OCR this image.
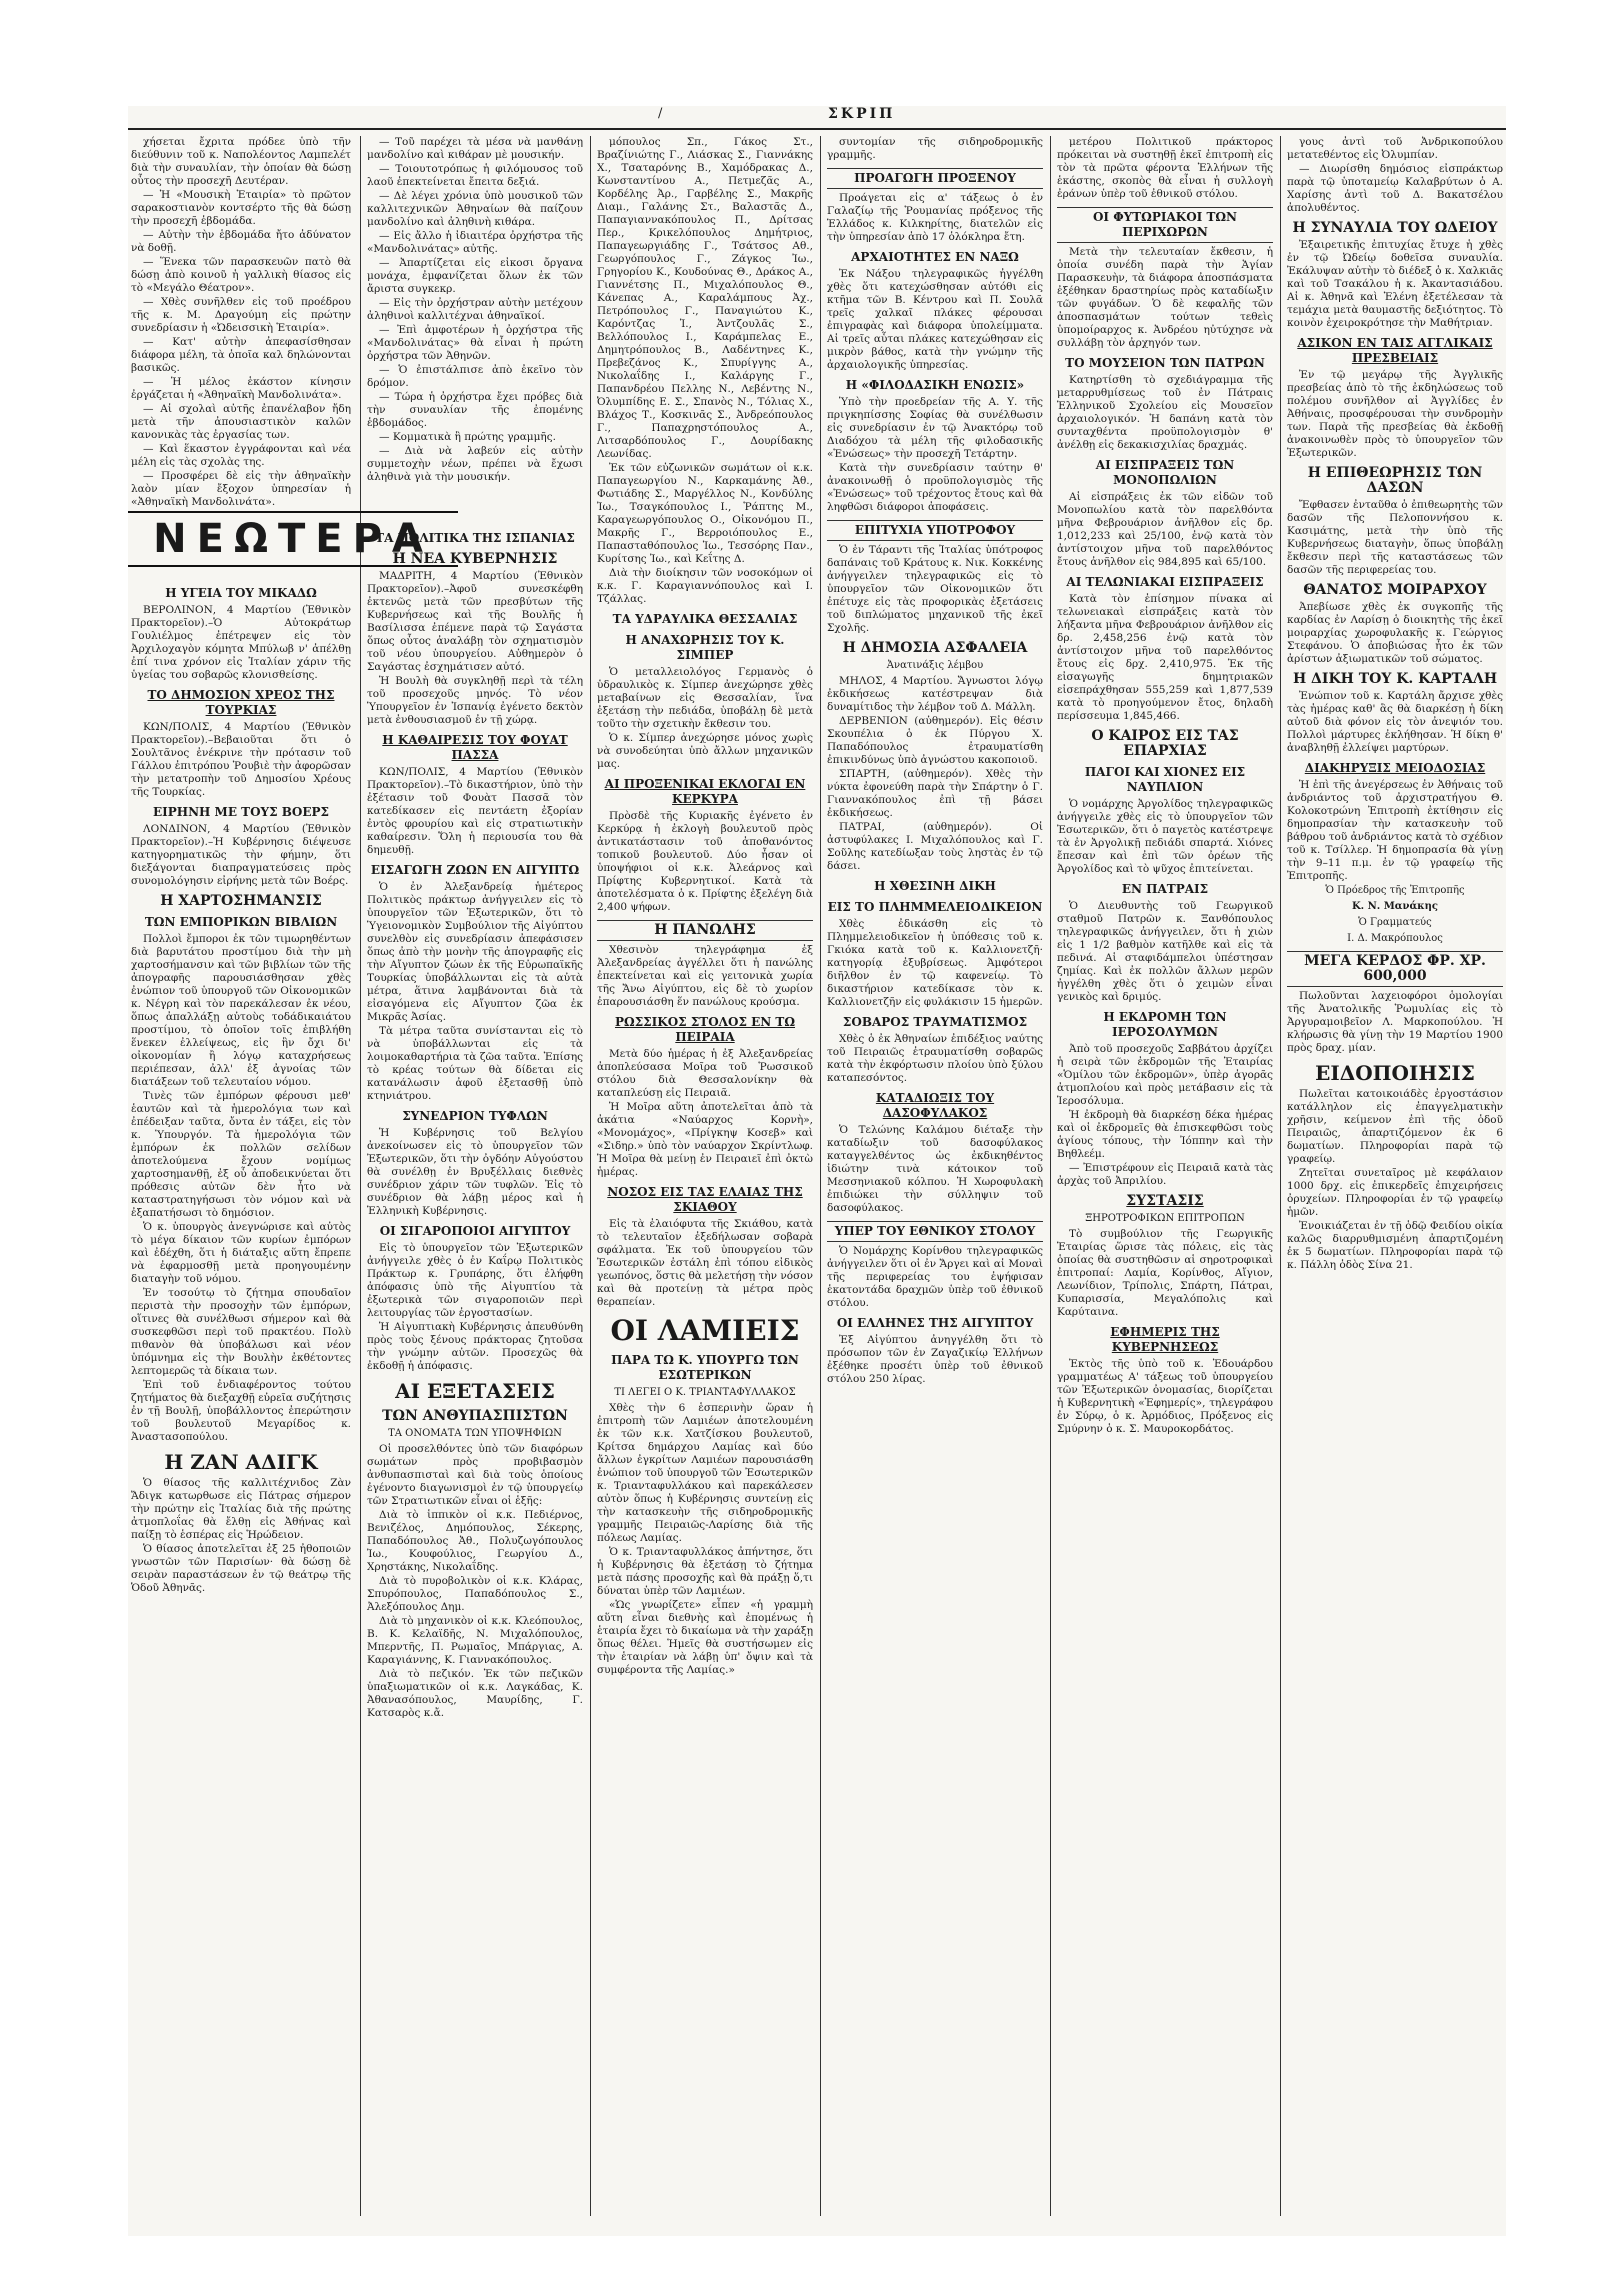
/	ΣΚΡΙΠ

χήσεται ἔχριτα πρόδεε ὑπὸ τῆν διεύθυνιν τοῦ κ. Ναπολέοντος Λαμπελέτ διὰ τὴν συναυλίαν, τὴν ὁποίαν θὰ δώσῃ οὗτος τὴν προσεχῆ Δευτέραν.

— Ἡ «Μουσικὴ Ἑταιρία» τὸ πρῶτον σαρακοστιανὸν κοντσέρτο τῆς θὰ δώσῃ τὴν προσεχῆ ἑβδομάδα.

— Αὐτὴν τὴν ἑβδομάδα ἤτο ἀδύνατον νὰ δοθῇ.

— Ἕνεκα τῶν παρασκευῶν πατὸ θὰ δώσῃ ἀπὸ κοινοῦ ἡ γαλλικὴ θίασος εἰς τὸ «Μεγάλο Θέατρον».

— Χθὲς συνῆλθεν εἰς τοῦ προέδρου τῆς κ. Μ. Δραγούμη εἰς πρώτην συνεδρίασιν ἡ «Ὠδεισσικὴ Ἑταιρία».

— Κατ' αὐτὴν ἀπεφασίσθησαν διάφορα μέλη, τὰ ὁποῖα καλ δηλώνονται βασικῶς.

— Ἡ μέλος ἑκάστον κίνησιν ἐργάζεται ἡ «Ἀθηναϊκὴ Μανδολινάτα».

— Αἱ σχολαὶ αὐτῆς ἐπανέλαβον ἤδη μετὰ τῆν ἀπουσιαστικὸν καλῶν κανονικὰς τὰς ἐργασίας των.

— Καὶ ἕκαστον ἐγγράφονται καὶ νέα μέλη εἰς τὰς σχολὰς της.

— Προσφέρει δὲ εἰς τὴν ἀθηναϊκὴν λαὸν μίαν ἔξοχον ὑπηρεσίαν ἡ «Ἀθηναϊκὴ Μανδολινάτα».

Η ΥΓΕΙΑ ΤΟΥ ΜΙΚΑΔΩ

ΒΕΡΟΛΙΝΟΝ, 4 Μαρτίου (Ἐθνικὸν Πρακτορεῖον).–Ὁ Αὐτοκράτωρ Γουλιέλμος ἐπέτρεψεν εἰς τὸν Ἀρχιλοχαγὸν κόμητα Μπύλωβ ν' ἀπέλθῃ ἐπί τινα χρόνον εἰς Ἰταλίαν χάριν τῆς ὑγείας του σοβαρῶς κλονισθείσης.

ΤΟ ΔΗΜΟΣΙΟΝ ΧΡΕΟΣ ΤΗΣ ΤΟΥΡΚΙΑΣ

ΚΩΝ/ΠΟΛΙΣ, 4 Μαρτίου (Ἐθνικὸν Πρακτορεῖον).–Βεβαιοῦται ὅτι ὁ Σουλτᾶνος ἐνέκρινε τὴν πρότασιν τοῦ Γάλλου ἐπιτρόπου Ῥουβιὲ τὴν ἀφορῶσαν τὴν μετατροπὴν τοῦ Δημοσίου Χρέους τῆς Τουρκίας.

ΕΙΡΗΝΗ ΜΕ ΤΟΥΣ ΒΟΕΡΣ

ΛΟΝΔΙΝΟΝ, 4 Μαρτίου (Ἐθνικὸν Πρακτορεῖον).–Ἡ Κυβέρνησις διέψευσε κατηγορηματικῶς τὴν φήμην, ὅτι διεξάγονται διαπραγματεύσεις πρὸς συνομολόγησιν εἰρήνης μετὰ τῶν Βοέρς.

Η ΧΑΡΤΟΣΗΜΑΝΣΙΣ
ΤΩΝ ΕΜΠΟΡΙΚΩΝ ΒΙΒΛΙΩΝ

Πολλοὶ ἔμποροι ἐκ τῶν τιμωρηθέντων διὰ βαρυτάτου προστίμου διὰ τὴν μὴ χαρτοσήμανσιν καὶ τῶν βιβλίων τῶν τῆς ἀπογραφῆς παρουσιάσθησαν χθὲς ἐνώπιον τοῦ ὑπουργοῦ τῶν Οἰκονομικῶν κ. Νέγρη καὶ τὸν παρεκάλεσαν ἐκ νέου, ὅπως ἀπαλλάξῃ αὐτοὺς τοδάδικαιάτου προστίμου, τὸ ὁποῖον τοῖς ἐπιβλήθη ἕνεκεν ἐλλείψεως, εἰς ἣν ὄχι δι' οἰκονομίαν ἢ λόγῳ καταχρήσεως περιέπεσαν, ἀλλ' ἐξ ἀγνοίας τῶν διατάξεων τοῦ τελευταίου νόμου.

Τινὲς τῶν ἐμπόρων φέρουσι μεθ' ἑαυτῶν καὶ τὰ ἡμερολόγια των καὶ ἐπέδειξαν ταῦτα, ὄντα ἐν τάξει, εἰς τὸν κ. Ὑπουργόν. Τὰ ἡμερολόγια τῶν ἐμπόρων ἐκ πολλῶν σελίδων ἀποτελούμενα ἔχουν νομίμως χαρτοσημανθῇ, ἐξ οὗ ἀποδεικνύεται ὅτι πρόθεσις αὐτῶν δὲν ἦτο νὰ καταστρατηγήσωσι τὸν νόμον καὶ νὰ ἐξαπατήσωσι τὸ δημόσιον.

Ὁ κ. ὑπουργὸς ἀνεγνώρισε καὶ αὐτὸς τὸ μέγα δίκαιον τῶν κυρίων ἐμπόρων καὶ ἐδέχθη, ὅτι ἡ διάταξις αὕτη ἔπρεπε νὰ ἐφαρμοσθῇ μετὰ προηγουμένην διαταγὴν τοῦ νόμου.

Ἐν τοσούτῳ τὸ ζήτημα σπουδαῖον περιστὰ τὴν προσοχὴν τῶν ἐμπόρων, οἵτινες θὰ συνέλθωσι σήμερον καὶ θὰ συσκεφθῶσι περὶ τοῦ πρακτέου. Πολὺ πιθανὸν θὰ ὑποβάλωσι καὶ νέον ὑπόμνημα εἰς τὴν Βουλὴν ἐκθέτοντες λεπτομερῶς τὰ δίκαια των.

Ἐπὶ τοῦ ἐνδιαφέροντος τούτου ζητήματος θὰ διεξαχθῇ εὐρεῖα συζήτησις ἐν τῇ Βουλῇ, ὑποβάλλοντος ἐπερώτησιν τοῦ βουλευτοῦ Μεγαρίδος κ. Ἀναστασοπούλου.

Η ΖΑΝ ΑΔΙΓΚ

Ὁ θίασος τῆς καλλιτέχνιδος Ζὰν Ἄδιγκ κατωρθωσε εἰς Πάτρας σήμερον τὴν πρώτην εἰς Ἰταλίας διὰ τῆς πρώτης ἀτμοπλοΐας θὰ ἔλθῃ εἰς Ἀθήνας καὶ παίξῃ τὸ ἑσπέρας εἰς Ἡρώδειον.

Ὁ θίασος ἀποτελεῖται ἐξ 25 ἠθοποιῶν γνωστῶν τῶν Παρισίων· θὰ δώσῃ δὲ σειρὰν παραστάσεων ἐν τῷ θεάτρῳ τῆς Ὁδοῦ Ἀθηνᾶς.

— Τοῦ παρέχει τὰ μέσα νὰ μανθάνῃ μανδολίνο καὶ κιθάραν μὲ μουσικήν.

— Τοιουτοτρόπως ἡ φιλόμουσος τοῦ λαοῦ ἐπεκτείνεται ἔπειτα δεξιά.

— Δὲ λέγει χρόνια ὑπὸ μουσικοῦ τῶν καλλιτεχνικῶν Ἀθηναίων θὰ παίζουν μανδολίνο καὶ ἀληθινὴ κιθάρα.

— Εἰς ἄλλο ἡ ἰδιαιτέρα ὀρχήστρα τῆς «Μανδολινάτας» αὐτῆς.

— Ἀπαρτίζεται εἰς εἰκοσι ὄργανα μονάχα, ἐμφανίζεται ὅλων ἐκ τῶν ἄριστα συγκεκρ.

— Εἰς τὴν ὀρχήστραν αὐτὴν μετέχουν ἀληθινοὶ καλλιτέχναι ἀθηναϊκοί.

— Ἐπὶ ἀμφοτέρων ἡ ὀρχήστρα τῆς «Μανδολινάτας» θὰ εἶναι ἡ πρώτη ὀρχήστρα τῶν Ἀθηνῶν.

— Ὁ ἐπιστάλπισε ἀπὸ ἐκεῖνο τὸν δρόμον.

— Τώρα ἡ ὀρχήστρα ἔχει πρόβες διὰ τὴν συναυλίαν τῆς ἐπομένης ἑβδομάδος.

— Κομματικὰ ἢ πρώτης γραμμῆς.

— Διὰ νὰ λαβεύν εἰς αὐτὴν συμμετοχὴν νέων, πρέπει νὰ ἔχωσι ἀληθινὰ γιὰ τὴν μουσικήν.

ΤΑ ΠΟΛΙΤΙΚΑ ΤΗΣ ΙΣΠΑΝΙΑΣ
Η ΝΕΑ ΚΥΒΕΡΝΗΣΙΣ

ΜΑΔΡΙΤΗ, 4 Μαρτίου (Ἐθνικὸν Πρακτορεῖον).–Ἀφοῦ συνεσκέφθη ἐκτενῶς μετὰ τῶν πρεσβύτων τῆς Κυβερνήσεως καὶ τῆς Βουλῆς ἡ Βασίλισσα ἐπέμενε παρὰ τῷ Σαγάστα ὅπως οὗτος ἀναλάβῃ τὸν σχηματισμὸν τοῦ νέου ὑπουργείου. Αὐθημερὸν ὁ Σαγάστας ἐσχημάτισεν αὐτό.

Ἡ Βουλὴ θὰ συγκληθῇ περὶ τὰ τέλη τοῦ προσεχοῦς μηνός. Τὸ νέον Ὑπουργεῖον ἐν Ἰσπανίᾳ ἐγένετο δεκτὸν μετὰ ἐνθουσιασμοῦ ἐν τῇ χώρᾳ.

Η ΚΑΘΑΙΡΕΣΙΣ ΤΟΥ ΦΟΥΑΤ ΠΑΣΣΑ

ΚΩΝ/ΠΟΛΙΣ, 4 Μαρτίου (Ἐθνικὸν Πρακτορεῖον).–Τὸ δικαστήριον, ὑπὸ τὴν ἐξέτασιν τοῦ Φουὰτ Πασσᾶ τὸν κατεδίκασεν εἰς πεντάετη ἐξορίαν ἐντὸς φρουρίου καὶ εἰς στρατιωτικὴν καθαίρεσιν. Ὅλη ἡ περιουσία του θὰ δημευθῇ.

ΕΙΣΑΓΩΓΗ ΖΩΩΝ ΕΝ ΑΙΓΥΠΤΩ

Ὁ ἐν Ἀλεξανδρείᾳ ἡμέτερος Πολιτικὸς πράκτωρ ἀνήγγειλεν εἰς τὸ ὑπουργεῖον τῶν Ἐξωτερικῶν, ὅτι τὸ Ὑγειονομικὸν Συμβούλιον τῆς Αἰγύπτου συνελθὸν εἰς συνεδρίασιν ἀπεφάσισεν ὅπως ἀπὸ τὴν μονὴν τῆς ἀπογραφῆς εἰς τὴν Αἴγυπτον ζώων ἐκ τῆς Εὐρωπαϊκῆς Τουρκίας ὑποβάλλωνται εἰς τὰ αὐτὰ μέτρα, ἅτινα λαμβάνονται διὰ τὰ εἰσαγόμενα εἰς Αἴγυπτον ζῶα ἐκ Μικρᾶς Ἀσίας.

Τὰ μέτρα ταῦτα συνίστανται εἰς τὸ νὰ ὑποβάλλωνται εἰς τὰ λοιμοκαθαρτήρια τὰ ζῶα ταῦτα. Ἐπίσης τὸ κρέας τούτων θὰ δίδεται εἰς κατανάλωσιν ἀφοῦ ἐξετασθῇ ὑπὸ κτηνιάτρου.

ΣΥΝΕΔΡΙΟΝ ΤΥΦΛΩΝ

Ἡ Κυβέρνησις τοῦ Βελγίου ἀνεκοίνωσεν εἰς τὸ ὑπουργεῖον τῶν Ἐξωτερικῶν, ὅτι τὴν ὀγδόην Αὐγούστου θὰ συνέλθῃ ἐν Βρυξέλλαις διεθνὲς συνέδριον χάριν τῶν τυφλῶν. Ἐἰς τὸ συνέδριον θὰ λάβῃ μέρος καὶ ἡ Ἑλληνικὴ Κυβέρνησις.

ΟΙ ΣΙΓΑΡΟΠΟΙΟΙ ΑΙΓΥΠΤΟΥ

Εἰς τὸ ὑπουργεῖον τῶν Ἐξωτερικῶν ἀνήγγειλε χθὲς ὁ ἐν Καΐρῳ Πολιτικὸς Πράκτωρ κ. Γρυπάρης, ὅτι ἐλήφθη ἀπόφασις ὑπὸ τῆς Αἰγυπτίου τὰ ἐξωτερικὰ τῶν σιγαροποιῶν περὶ λειτουργίας τῶν ἐργοστασίων.

Ἡ Αἰγυπτιακὴ Κυβέρνησις ἀπευθύνθη πρὸς τοὺς ξένους πράκτορας ζητοῦσα τὴν γνώμην αὐτῶν. Προσεχῶς θὰ ἐκδοθῇ ἡ ἀπόφασις.

ΑΙ ΕΞΕΤΑΣΕΙΣ
ΤΩΝ ΑΝΘΥΠΑΣΠΙΣΤΩΝ
ΤΑ ΟΝΟΜΑΤΑ ΤΩΝ ΥΠΟΨΗΦΙΩΝ

Οἱ προσελθόντες ὑπὸ τῶν διαφόρων σωμάτων πρὸς προβιβασμὸν ἀνθυπασπισταὶ καὶ διὰ τοὺς ὁποίους ἐγένοντο διαγωνισμοὶ ἐν τῷ ὑπουργείῳ τῶν Στρατιωτικῶν εἶναι οἱ ἑξῆς:

Διὰ τὸ ἱππικὸν οἱ κ.κ. Πεδιέρνος, Βενιζέλος, Δημόπουλος, Σέκερης, Παπαδόπουλος Ἀθ., Πολυζωγόπουλος Ἰω., Κουφούλιος, Γεωργίου Δ., Χρηστάκης, Νικολαΐδης.

Διὰ τὸ πυροβολικὸν οἱ κ.κ. Κλάρας, Σπυρόπουλος, Παπαδόπουλος Σ., Ἀλεξόπουλος Δημ.

Διὰ τὸ μηχανικὸν οἱ κ.κ. Κλεόπουλος, Β. Κ. Κελαϊδῆς, Ν. Μιχαλόπουλος, Μπερντῆς, Π. Ρωμαῖος, Μπάργιας, Α. Καραγιάννης, Κ. Γιαννακόπουλος.

Διὰ τὸ πεζικόν. Ἐκ τῶν πεζικῶν ὑπαξιωματικῶν οἱ κ.κ. Λαγκάδας, Κ. Ἀθανασόπουλος, Μαυρίδης, Γ. Κατσαρὸς κ.ἄ.

ΝΕΩΤΕΡΑ

μόπουλος Σπ., Γάκος Στ., Βραζίνιώτης Γ., Λιάσκας Σ., Γιαννάκης Χ., Τσαταρόνης Β., Χαμόδρακας Δ., Κωνσταντίνου Α., Πετμεζᾶς Α., Κορδέλης Ἀρ., Γαρβέλης Σ., Μακρῆς Διαμ., Γαλάνης Στ., Βαλαστᾶς Δ., Παπαγιαννακόπουλος Π., Δρίτσας Περ., Κρικελόπουλος Δημήτριος, Παπαγεωργιάδης Γ., Τσάτσος Αθ., Γεωργόπουλος Γ., Ζάγκος Ἰω., Γρηγορίου Κ., Κουδούνας Θ., Δράκος Α., Γιαννέτσης Π., Μιχαλόπουλος Θ., Κάνεπας Α., Καραλάμπους Ἀχ., Πετρόπουλος Γ., Παναγιώτου Κ., Καρόντζας Ἰ., Ἀντζουλᾶς Σ., Βελλόπουλος Ι., Καράμπελας Ε., Δημητρόπουλος Β., Λαδέντηνες Κ., Πρεβεζάνος Κ., Σπυρίγγης Α., Νικολαΐδης Ι., Καλάργης Γ., Παπανδρέου Πελλης Ν., Λεβέντης Ν., Ὀλυμπίδης Ε. Σ., Σπανὸς Ν., Τόλιας Χ., Βλάχος Τ., Κοσκινᾶς Σ., Ἀνδρεόπουλος Γ., Παπαχρηστόπουλος Α., Λιτσαρδόπουλος Γ., Δουρίδακης Λεωνίδας.

Ἐκ τῶν εὐζωνικῶν σωμάτων οἱ κ.κ. Παπαγεωργίου Ν., Καρκαμάνης Ἀθ., Φωτιάδης Σ., Μαργέλλος Ν., Κονδύλης Ἰω., Τσαγκόπουλος Ι., Ῥάπτης Μ., Καραγεωργόπουλος Ο., Οἰκονόμου Π., Μακρῆς Γ., Βερροιόπουλος Ε., Παπασταθόπουλος Ἰω., Τεσσόρης Παν., Κυρίτσης Ἰω., καὶ Κεΐτης Δ.

Διὰ τὴν διοίκησιν τῶν νοσοκόμων οἱ κ.κ. Γ. Καραγιαννόπουλος καὶ Ι. Τζάλλας.

ΤΑ ΥΔΡΑΥΛΙΚΑ ΘΕΣΣΑΛΙΑΣ
Η ΑΝΑΧΩΡΗΣΙΣ ΤΟΥ Κ. ΣΙΜΠΕΡ

Ὁ μεταλλειολόγος Γερμανὸς ὁ ὑδραυλικὸς κ. Σίμπερ ἀνεχώρησε χθὲς μεταβαίνων εἰς Θεσσαλίαν, ἵνα ἐξετάσῃ τὴν πεδιάδα, ὑποβάλῃ δὲ μετὰ τοῦτο τὴν σχετικὴν ἔκθεσιν του.

Ὁ κ. Σίμπερ ἀνεχώρησε μόνος χωρὶς νὰ συνοδεύηται ὑπὸ ἄλλων μηχανικῶν μας.

ΑΙ ΠΡΟΞΕΝΙΚΑΙ ΕΚΛΟΓΑΙ ΕΝ ΚΕΡΚΥΡΑ

Πρὸσδὲ τῆς Κυριακῆς ἐγένετο ἐν Κερκύρᾳ ἡ ἐκλογὴ βουλευτοῦ πρὸς ἀντικατάστασιν τοῦ ἀποθανόντος τοπικοῦ βουλευτοῦ. Δύο ἦσαν οἱ ὑποψήφιοι οἱ κ.κ. Ἀλεάρνος καὶ Πρίφτης Κυβερνητικοί. Κατὰ τὰ ἀποτελέσματα ὁ κ. Πρίφτης ἐξελέγη διὰ 2,400 ψήφων.

Η ΠΑΝΩΛΗΣ

Χθεσινὸν τηλεγράφημα ἐξ Ἀλεξανδρείας ἀγγέλλει ὅτι ἡ πανώλης ἐπεκτείνεται καὶ εἰς γειτονικὰ χωρία τῆς Ἄνω Αἰγύπτου, εἰς δὲ τὸ χωρίον ἐπαρουσιάσθη ἕν πανώλους κρούσμα.

ΡΩΣΣΙΚΟΣ ΣΤΟΛΟΣ ΕΝ ΤΩ ΠΕΙΡΑΙΑ

Μετὰ δύο ἡμέρας ἡ ἐξ Ἀλεξανδρείας ἀποπλεύσασα Μοῖρα τοῦ Ῥωσσικοῦ στόλου διὰ Θεσσαλονίκην θὰ καταπλεύσῃ εἰς Πειραιᾶ.

Ἡ Μοῖρα αὕτη ἀποτελεῖται ἀπὸ τὰ ἀκάτια «Ναύαρχος Κορνὴ», «Μονομάχος», «Πρίγκηψ Κοσεβ» καὶ «Σιδηρ.» ὑπὸ τὸν ναύαρχον Σκρίντλωφ. Ἡ Μοῖρα θὰ μείνῃ ἐν Πειραιεῖ ἐπὶ ὀκτὼ ἡμέρας.

ΝΟΣΟΣ ΕΙΣ ΤΑΣ ΕΛΑΙΑΣ ΤΗΣ ΣΚΙΑΘΟΥ

Εἰς τὰ ἐλαιόφυτα τῆς Σκιάθου, κατὰ τὸ τελευταῖον ἐξεδήλωσαν σοβαρὰ σφάλματα. Ἐκ τοῦ ὑπουργείου τῶν Ἐσωτερικῶν ἐστάλη ἐπὶ τόπου εἰδικὸς γεωπόνος, ὅστις θὰ μελετήσῃ τὴν νόσον καὶ θὰ προτείνῃ τὰ μέτρα πρὸς θεραπείαν.

ΟΙ ΛΑΜΙΕΙΣ
ΠΑΡΑ ΤΩ Κ. ΥΠΟΥΡΓΩ ΤΩΝ ΕΣΩΤΕΡΙΚΩΝ
ΤΙ ΛΕΓΕΙ Ο Κ. ΤΡΙΑΝΤΑΦΥΛΛΑΚΟΣ

Χθὲς τὴν 6 ἑσπερινὴν ὥραν ἡ ἐπιτροπὴ τῶν Λαμιέων ἀποτελουμένη ἐκ τῶν κ.κ. Χατζίσκου βουλευτοῦ, Κρίτσα δημάρχου Λαμίας καὶ δύο ἄλλων ἐγκρίτων Λαμιέων παρουσιάσθη ἐνώπιον τοῦ ὑπουργοῦ τῶν Ἐσωτερικῶν κ. Τριανταφυλλάκου καὶ παρεκάλεσεν αὐτὸν ὅπως ἡ Κυβέρνησις συντείνῃ εἰς τὴν κατασκευὴν τῆς σιδηροδρομικῆς γραμμῆς Πειραιῶς-Λαρίσης διὰ τῆς πόλεως Λαμίας.

Ὁ κ. Τριανταφυλλάκος ἀπήντησε, ὅτι ἡ Κυβέρνησις θὰ ἐξετάσῃ τὸ ζήτημα μετὰ πάσης προσοχῆς καὶ θὰ πράξῃ ὅ,τι δύναται ὑπὲρ τῶν Λαμιέων.

«Ὡς γνωρίζετε» εἶπεν «ἡ γραμμὴ αὕτη εἶναι διεθνὴς καὶ ἐπομένως ἡ ἑταιρία ἔχει τὸ δικαίωμα νὰ τὴν χαράξῃ ὅπως θέλει. Ἡμεῖς θὰ συστήσωμεν εἰς τὴν ἑταιρίαν νὰ λάβῃ ὑπ' ὄψιν καὶ τὰ συμφέροντα τῆς Λαμίας.»

συντομίαν τῆς σιδηροδρομικῆς γραμμῆς.

ΠΡΟΑΓΩΓΗ ΠΡΟΞΕΝΟΥ

Προάγεται εἰς α' τάξεως ὁ ἐν Γαλαζίῳ τῆς Ῥουμανίας πρόξενος τῆς Ἑλλάδος κ. Κιλκηρίτης, διατελῶν εἰς τὴν ὑπηρεσίαν ἀπὸ 17 ὁλόκληρα ἔτη.

ΑΡΧΑΙΟΤΗΤΕΣ ΕΝ ΝΑΞΩ

Ἐκ Νάξου τηλεγραφικῶς ἠγγέλθη χθὲς ὅτι κατεχώσθησαν αὐτόθι εἰς κτῆμα τῶν Β. Κέντρου καὶ Π. Σουλᾶ τρεῖς χαλκαῖ πλάκες φέρουσαι ἐπιγραφὰς καὶ διάφορα ὑπολείμματα. Αἱ τρεῖς αὗται πλάκες κατεχώθησαν εἰς μικρὸν βάθος, κατὰ τὴν γνώμην τῆς ἀρχαιολογικῆς ὑπηρεσίας.

Η «ΦΙΛΟΔΑΣΙΚΗ ΕΝΩΣΙΣ»

Ὑπὸ τὴν προεδρείαν τῆς Α. Υ. τῆς πριγκηπίσσης Σοφίας θὰ συνέλθωσιν εἰς συνεδρίασιν ἐν τῷ Ἀνακτόρῳ τοῦ Διαδόχου τὰ μέλη τῆς φιλοδασικῆς «Ἑνώσεως» τὴν προσεχῆ Τετάρτην.

Κατὰ τὴν συνεδρίασιν ταύτην θ' ἀνακοινωθῇ ὁ προϋπολογισμὸς τῆς «Ἑνώσεως» τοῦ τρέχοντος ἔτους καὶ θὰ ληφθῶσι διάφοροι ἀποφάσεις.

ΕΠΙΤΥΧΙΑ ΥΠΟΤΡΟΦΟΥ

Ὁ ἐν Τάραντι τῆς Ἰταλίας ὑπότροφος δαπάναις τοῦ Κράτους κ. Νικ. Κοκκένης ἀνήγγειλεν τηλεγραφικῶς εἰς τὸ ὑπουργεῖον τῶν Οἰκονομικῶν ὅτι ἐπέτυχε εἰς τὰς προφορικὰς ἐξετάσεις τοῦ διπλώματος μηχανικοῦ τῆς ἐκεῖ Σχολῆς.

Η ΔΗΜΟΣΙΑ ΑΣΦΑΛΕΙΑ
Ἀνατινάξις λέμβου

ΜΗΛΟΣ, 4 Μαρτίου. Ἄγνωστοι λόγῳ ἐκδικήσεως κατέστρεψαν διὰ δυναμίτιδος τὴν λέμβον τοῦ Δ. Μάλλη.

ΔΕΡΒΕΝΙΟΝ (αὐθημερόν). Εἰς θέσιν Σκουπέλια ὁ ἐκ Πύργου Χ. Παπαδόπουλος ἐτραυματίσθη ἐπικινδύνως ὑπὸ ἀγνώστου κακοποιοῦ.

ΣΠΑΡΤΗ, (αὐθημερόν). Χθὲς τὴν νύκτα ἐφονεύθη παρὰ τὴν Σπάρτην ὁ Γ. Γιαννακόπουλος ἐπὶ τῇ βάσει ἐκδικήσεως.

ΠΑΤΡΑΙ, (αὐθημερόν). Οἱ ἀστυφύλακες Ι. Μιχαλόπουλος καὶ Γ. Σοῦλης κατεδίωξαν τοὺς ληστὰς ἐν τῷ δάσει.

Η ΧΘΕΣΙΝΗ ΔΙΚΗ
ΕΙΣ ΤΟ ΠΛΗΜΜΕΛΕΙΟΔΙΚΕΙΟΝ

Χθὲς ἐδικάσθη εἰς τὸ Πλημμελειοδικεῖον ἡ ὑπόθεσις τοῦ κ. Γκιόκα κατὰ τοῦ κ. Καλλιονετζῆ· κατηγορίᾳ ἐξυβρίσεως. Ἀμφότεροι διῆλθον ἐν τῷ καφενείῳ. Τὸ δικαστήριον κατεδίκασε τὸν κ. Καλλιονετζῆν εἰς φυλάκισιν 15 ἡμερῶν.

ΣΟΒΑΡΟΣ ΤΡΑΥΜΑΤΙΣΜΟΣ

Χθὲς ὁ ἐκ Ἀθηναίων ἐπιδέξιος ναύτης τοῦ Πειραιῶς ἐτραυματίσθη σοβαρῶς κατὰ τὴν ἐκφόρτωσιν πλοίου ὑπὸ ξύλου καταπεσόντος.

ΚΑΤΑΔΙΩΞΙΣ ΤΟΥ ΔΑΣΟΦΥΛΑΚΟΣ

Ὁ Τελώνης Καλάμου διέταξε τὴν καταδίωξιν τοῦ δασοφύλακος καταγγελθέντος ὡς ἐκδικηθέντος ἰδιώτην τινὰ κάτοικον τοῦ Μεσσηνιακοῦ κόλπου. Ἡ Χωροφυλακὴ ἐπιδιώκει τὴν σύλληψιν τοῦ δασοφύλακος.

ΥΠΕΡ ΤΟΥ ΕΘΝΙΚΟΥ ΣΤΟΛΟΥ

Ὁ Νομάρχης Κορίνθου τηλεγραφικῶς ἀνήγγειλεν ὅτι οἱ ἐν Ἄργει καὶ αἱ Μοναὶ τῆς περιφερείας του ἐψήφισαν ἑκατοντάδα δραχμῶν ὑπὲρ τοῦ ἐθνικοῦ στόλου.

ΟΙ ΕΛΛΗΝΕΣ ΤΗΣ ΑΙΓΥΠΤΟΥ

Ἐξ Αἰγύπτου ἀνηγγέλθη ὅτι τὸ πρόσωπον τῶν ἐν Ζαγαζικίῳ Ἑλλήνων ἐξέθηκε προσέτι ὑπὲρ τοῦ ἐθνικοῦ στόλου 250 λίρας.

μετέρου Πολιτικοῦ πράκτορος πρόκειται νὰ συστηθῇ ἐκεῖ ἐπιτροπὴ εἰς τὸν τὰ πρῶτα φέροντα Ἑλλήνων τῆς ἑκάστης, σκοπὸς θὰ εἶναι ἡ συλλογὴ ἐράνων ὑπὲρ τοῦ ἐθνικοῦ στόλου.

ΟΙ ΦΥΤΩΡΙΑΚΟΙ ΤΩΝ ΠΕΡΙΧΩΡΩΝ

Μετὰ τὴν τελευταίαν ἔκθεσιν, ἡ ὁποία συνέδη παρὰ τὴν Ἁγίαν Παρασκευὴν, τὰ διάφορα ἀποσπάσματα ἐξέθηκαν δραστηρίως πρὸς καταδίωξιν τῶν φυγάδων. Ὁ δὲ κεφαλῆς τῶν ἀποσπασμάτων τούτων τεθεὶς ὑπομοίραρχος κ. Ἀνδρέου ηὐτύχησε νὰ συλλάβῃ τὸν ἀρχηγόν των.

ΤΟ ΜΟΥΣΕΙΟΝ ΤΩΝ ΠΑΤΡΩΝ

Κατηρτίσθη τὸ σχεδιάγραμμα τῆς μεταρρυθμίσεως τοῦ ἐν Πάτραις Ἑλληνικοῦ Σχολείου εἰς Μουσεῖον ἀρχαιολογικόν. Ἡ δαπάνη κατὰ τὸν συνταχθέντα προϋπολογισμὸν θ' ἀνέλθῃ εἰς δεκακισχιλίας δραχμάς.

ΑΙ ΕΙΣΠΡΑΞΕΙΣ ΤΩΝ ΜΟΝΟΠΩΛΙΩΝ

Αἱ εἰσπράξεις ἐκ τῶν εἰδῶν τοῦ Μονοπωλίου κατὰ τὸν παρελθόντα μῆνα Φεβρουάριον ἀνῆλθον εἰς δρ. 1,012,233 καὶ 25/100, ἐνῷ κατὰ τὸν ἀντίστοιχον μῆνα τοῦ παρελθόντος ἔτους ἀνῆλθον εἰς 984,895 καὶ 65/100.

ΑΙ ΤΕΛΩΝΙΑΚΑΙ ΕΙΣΠΡΑΞΕΙΣ

Κατὰ τὸν ἐπίσημον πίνακα αἱ τελωνειακαὶ εἰσπράξεις κατὰ τὸν λήξαντα μῆνα Φεβρουάριον ἀνῆλθον εἰς δρ. 2,458,256 ἐνῷ κατὰ τὸν ἀντίστοιχον μῆνα τοῦ παρελθόντος ἔτους εἰς δρχ. 2,410,975. Ἐκ τῆς εἰσαγωγῆς δημητριακῶν εἰσεπράχθησαν 555,259 καὶ 1,877,539 κατὰ τὸ προηγούμενον ἔτος, δηλαδὴ περίσσευμα 1,845,466.

Ο ΚΑΙΡΟΣ ΕΙΣ ΤΑΣ ΕΠΑΡΧΙΑΣ
ΠΑΓΟΙ ΚΑΙ ΧΙΟΝΕΣ ΕΙΣ ΝΑΥΠΛΙΟΝ

Ὁ νομάρχης Ἀργολίδος τηλεγραφικῶς ἀνήγγειλε χθὲς εἰς τὸ ὑπουργεῖον τῶν Ἐσωτερικῶν, ὅτι ὁ παγετὸς κατέστρεψε τὰ ἐν Ἀργολικῇ πεδιάδι σπαρτά. Χιόνες ἔπεσαν καὶ ἐπὶ τῶν ὀρέων τῆς Ἀργολίδος καὶ τὸ ψῦχος ἐπιτείνεται.

ΕΝ ΠΑΤΡΑΙΣ

Ὁ Διευθυντὴς τοῦ Γεωργικοῦ σταθμοῦ Πατρῶν κ. Ξανθόπουλος τηλεγραφικῶς ἀνήγγειλεν, ὅτι ἡ χιὼν εἰς 1 1/2 βαθμὸν κατῆλθε καὶ εἰς τὰ πεδινά. Αἱ σταφιδάμπελοι ὑπέστησαν ζημίας. Καὶ ἐκ πολλῶν ἄλλων μερῶν ἠγγέλθη χθὲς ὅτι ὁ χειμὼν εἶναι γενικὸς καὶ δριμύς.

Η ΕΚΔΡΟΜΗ ΤΩΝ ΙΕΡΟΣΟΛΥΜΩΝ

Ἀπὸ τοῦ προσεχοῦς Σαββάτου ἀρχίζει ἡ σειρὰ τῶν ἐκδρομῶν τῆς Ἑταιρίας «Ὁμίλου τῶν ἐκδρομῶν», ὑπὲρ ἀγορᾶς ἀτμοπλοίου καὶ πρὸς μετάβασιν εἰς τὰ Ἱεροσόλυμα.

Ἡ ἐκδρομὴ θὰ διαρκέσῃ δέκα ἡμέρας καὶ οἱ ἐκδρομεῖς θὰ ἐπισκεφθῶσι τοὺς ἁγίους τόπους, τὴν Ἰόππην καὶ τὴν Βηθλεέμ.

— Ἐπιστρέφουν εἰς Πειραιᾶ κατὰ τὰς ἀρχὰς τοῦ Ἀπριλίου.

ΣΥΣΤΑΣΙΣ
ΞΗΡΟΤΡΟΦΙΚΩΝ ΕΠΙΤΡΟΠΩΝ

Τὸ συμβούλιον τῆς Γεωργικῆς Ἑταιρίας ὥρισε τὰς πόλεις, εἰς τὰς ὁποίας θὰ συστηθῶσιν αἱ σηροτροφικαὶ ἐπιτροπαί: Λαμία, Κορίνθος, Αἴγιον, Λεωνίδιον, Τρίπολις, Σπάρτη, Πάτραι, Κυπαρισσία, Μεγαλόπολις καὶ Καρύταινα.

ΕΦΗΜΕΡΙΣ ΤΗΣ ΚΥΒΕΡΝΗΣΕΩΣ

Ἐκτὸς τῆς ὑπὸ τοῦ κ. Ἐδουάρδου γραμματέως Α' τάξεως τοῦ ὑπουργείου τῶν Ἐξωτερικῶν ὀνομασίας, διορίζεται ἡ Κυβερνητικὴ «Ἐφημερίς», τηλεγράφου ἐν Σύρῳ, ὁ κ. Ἀρμόδιος, Πρόξενος εἰς Σμύρνην ὁ κ. Σ. Μαυροκορδάτος.

γους ἀντὶ τοῦ Ἀνδρικοπούλου μετατεθέντος εἰς Ὀλυμπίαν.

— Διωρίσθη δημόσιος εἰσπράκτωρ παρὰ τῷ ὑποταμείῳ Καλαβρύτων ὁ Α. Χαρίσης ἀντὶ τοῦ Δ. Βακατσέλου ἀπολυθέντος.

Η ΣΥΝΑΥΛΙΑ ΤΟΥ ΩΔΕΙΟΥ

Ἐξαιρετικῆς ἐπιτυχίας ἔτυχε ἡ χθὲς ἐν τῷ Ὠδείῳ δοθεῖσα συναυλία. Ἐκάλυψαν αὐτὴν τὸ διέδεξ ὁ κ. Χαλκιᾶς καὶ τοῦ Τσακάλου ἡ κ. Ἀκαντασιάδου. Αἱ κ. Ἀθηνᾶ καὶ Ἑλένη ἐξετέλεσαν τὰ τεμάχια μετὰ θαυμαστῆς δεξιότητος. Τὸ κοινὸν ἐχειροκρότησε τὴν Μαθήτριαν.

ΑΣΙΚΟΝ ΕΝ ΤΑΙΣ ΑΓΓΛΙΚΑΙΣ ΠΡΕΣΒΕΙΑΙΣ

Ἐν τῷ μεγάρῳ τῆς Ἀγγλικῆς πρεσβείας ἀπὸ τὸ τῆς ἐκδηλώσεως τοῦ πολέμου συνῆλθον αἱ Ἀγγλίδες ἐν Ἀθήναις, προσφέρουσαι τὴν συνδρομὴν των. Παρὰ τῆς πρεσβείας θὰ ἐκδοθῇ ἀνακοινωθὲν πρὸς τὸ ὑπουργεῖον τῶν Ἐξωτερικῶν.

Η ΕΠΙΘΕΩΡΗΣΙΣ ΤΩΝ ΔΑΣΩΝ

Ἔφθασεν ἐνταῦθα ὁ ἐπιθεωρητὴς τῶν δασῶν τῆς Πελοποννήσου κ. Κασιμάτης, μετὰ τὴν ὑπὸ τῆς Κυβερνήσεως διαταγὴν, ὅπως ὑποβάλῃ ἔκθεσιν περὶ τῆς καταστάσεως τῶν δασῶν τῆς περιφερείας του.

ΘΑΝΑΤΟΣ ΜΟΙΡΑΡΧΟΥ

Ἀπεβίωσε χθὲς ἐκ συγκοπῆς τῆς καρδίας ἐν Λαρίσῃ ὁ διοικητὴς τῆς ἐκεῖ μοιραρχίας χωροφυλακῆς κ. Γεώργιος Στεφάνου. Ὁ ἀποβιώσας ἦτο ἐκ τῶν ἀρίστων ἀξιωματικῶν τοῦ σώματος.

Η ΔΙΚΗ ΤΟΥ Κ. ΚΑΡΤΑΛΗ

Ἐνώπιον τοῦ κ. Καρτάλη ἄρχισε χθὲς τὰς ἡμέρας καθ' ἃς θὰ διαρκέσῃ ἡ δίκη αὐτοῦ διὰ φόνον εἰς τὸν ἀνεψιόν του. Πολλοὶ μάρτυρες ἐκλήθησαν. Ἡ δίκη θ' ἀναβληθῇ ἐλλείψει μαρτύρων.

ΔΙΑΚΗΡΥΞΙΣ ΜΕΙΟΔΟΣΙΑΣ

Ἡ ἐπὶ τῆς ἀνεγέρσεως ἐν Ἀθήναις τοῦ ἀνδριάντος τοῦ ἀρχιστρατήγου Θ. Κολοκοτρώνη Ἐπιτροπὴ ἐκτίθησιν εἰς δημοπρασίαν τὴν κατασκευὴν τοῦ βάθρου τοῦ ἀνδριάντος κατὰ τὸ σχέδιον τοῦ κ. Τσίλλερ. Ἡ δημοπρασία θὰ γίνῃ τὴν 9–11 π.μ. ἐν τῷ γραφείῳ τῆς Ἐπιτροπῆς.

Ὁ Πρόεδρος τῆς Ἐπιτροπῆς
Κ. Ν. Μανάκης
Ὁ Γραμματεύς
Ι. Δ. Μακρόπουλος
ΜΕΓΑ ΚΕΡΔΟΣ ΦΡ. ΧΡ. 600,000

Πωλοῦνται λαχειοφόροι ὁμολογίαι τῆς Ἀνατολικῆς Ῥωμυλίας εἰς τὸ Ἀργυραμοιβεῖον Λ. Μαρκοπούλου. Ἡ κλήρωσις θὰ γίνῃ τὴν 19 Μαρτίου 1900 πρὸς δραχ. μίαν.

ΕΙΔΟΠΟΙΗΣΙΣ

Πωλεῖται κατοικοιάδὲς ἐργοστάσιον κατάλληλον εἰς ἐπαγγελματικὴν χρῆσιν, κείμενον ἐπὶ τῆς ὁδοῦ Πειραιῶς, ἀπαρτιζόμενον ἐκ 6 δωματίων. Πληροφορίαι παρὰ τῷ γραφείῳ.

Ζητεῖται συνεταῖρος μὲ κεφάλαιον 1000 δρχ. εἰς ἐπικερδεῖς ἐπιχειρήσεις ὀρυχείων. Πληροφορίαι ἐν τῷ γραφείῳ ἡμῶν.

Ἐνοικιάζεται ἐν τῇ ὁδῷ Φειδίου οἰκία καλῶς διαρρυθμισμένη ἀπαρτιζομένη ἐκ 5 δωματίων. Πληροφορίαι παρὰ τῷ κ. Πάλλη ὁδὸς Σίνα 21.
